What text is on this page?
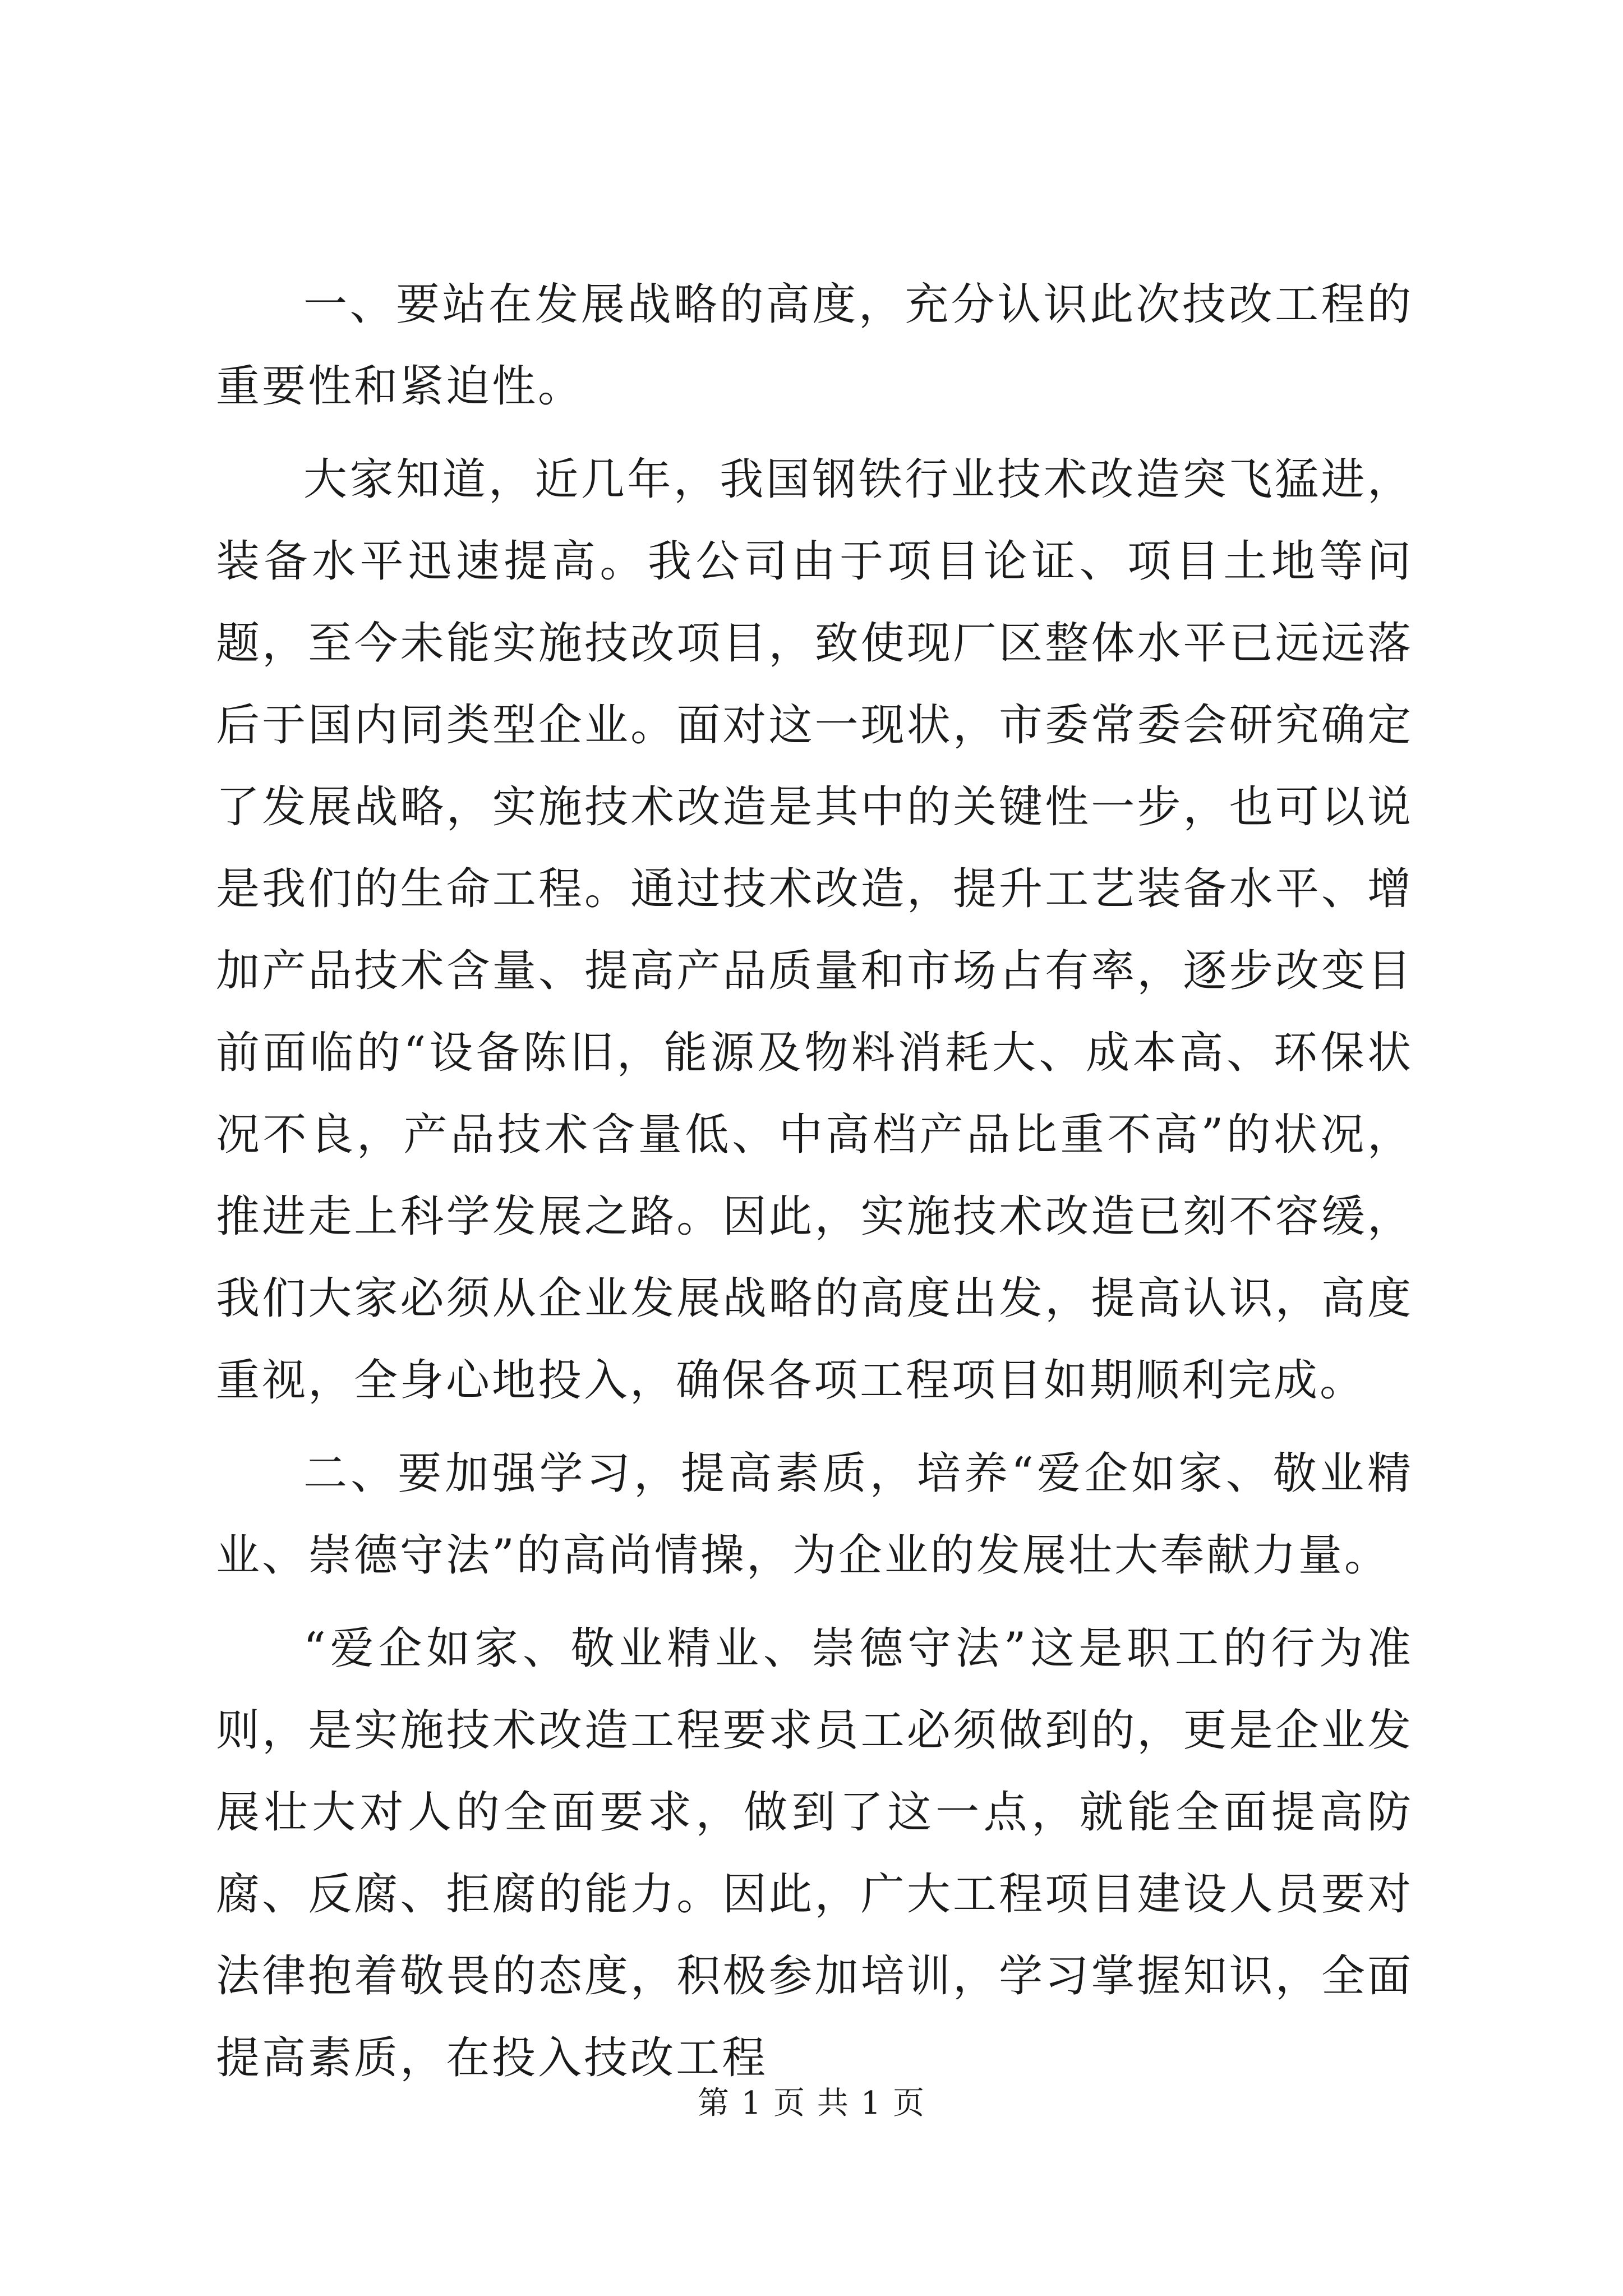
一、要站在发展战略的高度，充分认识此次技改工程的重要性和紧迫性。

大家知道，近几年，我国钢铁行业技术改造突飞猛进，装备水平迅速提高。我公司由于项目论证、项目土地等问题，至今未能实施技改项目，致使现厂区整体水平已远远落后于国内同类型企业。面对这一现状，市委常委会研究确定了发展战略，实施技术改造是其中的关键性一步，也可以说是我们的生命工程。通过技术改造，提升工艺装备水平、增加产品技术含量、提高产品质量和市场占有率，逐步改变目前面临的“设备陈旧，能源及物料消耗大、成本高、环保状况不良，产品技术含量低、中高档产品比重不高”的状况，推进走上科学发展之路。因此，实施技术改造已刻不容缓，我们大家必须从企业发展战略的高度出发，提高认识，高度重视，全身心地投入，确保各项工程项目如期顺利完成。

二、要加强学习，提高素质，培养“爱企如家、敬业精业、崇德守法”的高尚情操，为企业的发展壮大奉献力量。

“爱企如家、敬业精业、崇德守法”这是职工的行为准则，是实施技术改造工程要求员工必须做到的，更是企业发展壮大对人的全面要求，做到了这一点，就能全面提高防腐、反腐、拒腐的能力。因此，广大工程项目建设人员要对法律抱着敬畏的态度，积极参加培训，学习掌握知识，全面提高素质，在投入技改工程

第 1 页 共 1 页
